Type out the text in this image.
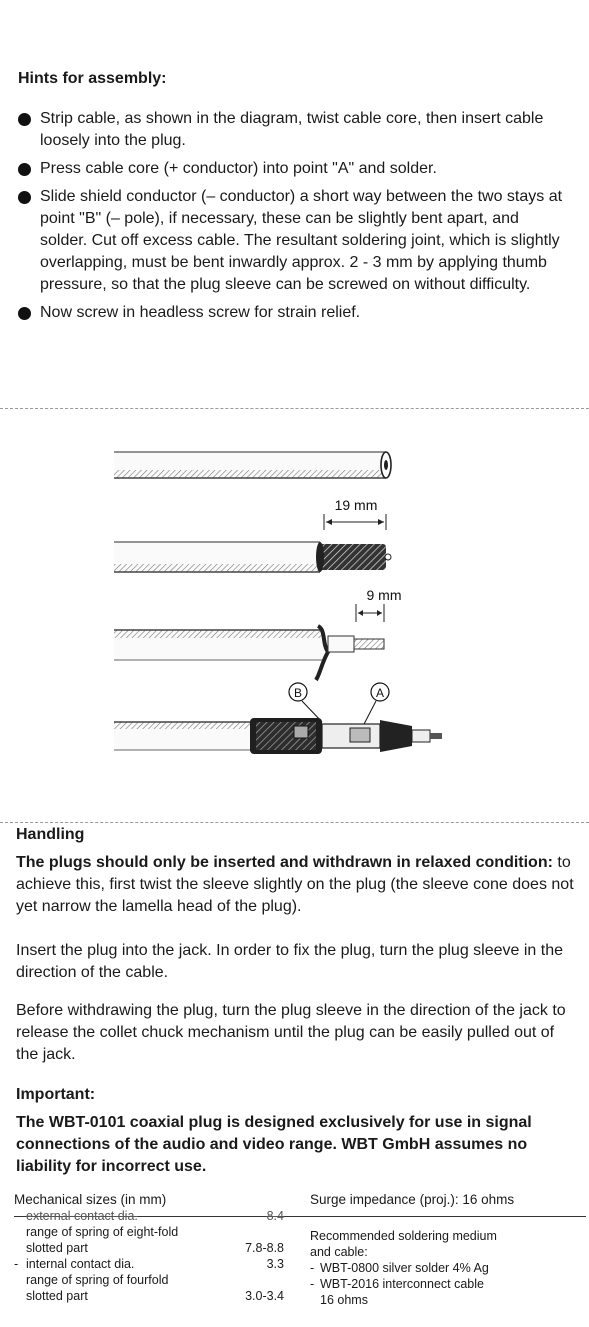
Hints for assembly:
Strip cable, as shown in the diagram, twist cable core, then insert cable loosely into the plug.
Press cable core (+ conductor) into point "A" and solder.
Slide shield conductor (– conductor) a short way between the two stays at point "B" (– pole), if necessary, these can be slightly bent apart, and solder. Cut off excess cable. The resultant soldering joint, which is slightly overlapping, must be bent inwardly approx. 2 - 3 mm by applying thumb pressure, so that the plug sleeve can be screwed on without difficulty.
Now screw in headless screw for strain relief.
19 mm
9 mm
B	A
Handling
The plugs should only be inserted and withdrawn in relaxed condition: to achieve this, first twist the sleeve slightly on the plug (the sleeve cone does not yet narrow the lamella head of the plug).
Insert the plug into the jack. In order to fix the plug, turn the plug sleeve in the direction of the cable.
Before withdrawing the plug, turn the plug sleeve in the direction of the jack to release the collet chuck mechanism until the plug can be easily pulled out of the jack.
Important:
The WBT-0101 coaxial plug is designed exclusively for use in signal connections of the audio and video range. WBT GmbH assumes no liability for incorrect use.
Mechanical sizes (in mm)	Surge impedance (proj.): 16 ohms
	external contact dia.	8.4
	range of spring of eight-fold	
	slotted part	7.8-8.8
-	internal contact dia.	3.3
	range of spring of fourfold	
	slotted part	3.0-3.4
Recommended soldering medium
and cable:
- WBT-0800 silver solder 4% Ag
- WBT-2016 interconnect cable
16 ohms
